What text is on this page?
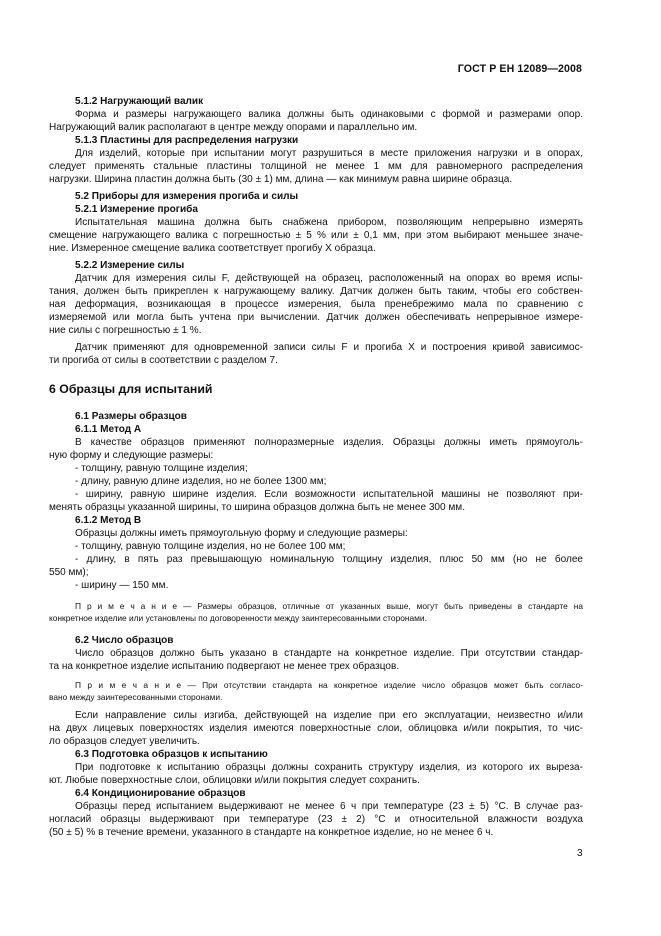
ГОСТ Р ЕН 12089—2008
5.1.2 Нагружающий валик
Форма и размеры нагружающего валика должны быть одинаковыми с формой и размерами опор.
Нагружающий валик располагают в центре между опорами и параллельно им.
5.1.3 Пластины для распределения нагрузки
Для изделий, которые при испытании могут разрушиться в месте приложения нагрузки и в опорах,
следует применять стальные пластины толщиной не менее 1 мм для равномерного распределения
нагрузки. Ширина пластин должна быть (30 ± 1) мм, длина — как минимум равна ширине образца.
5.2 Приборы для измерения прогиба и силы
5.2.1 Измерение прогиба
Испытательная машина должна быть снабжена прибором, позволяющим непрерывно измерять
смещение нагружающего валика с погрешностью ± 5 % или ± 0,1 мм, при этом выбирают меньшее значе-
ние. Измеренное смещение валика соответствует прогибу X образца.
5.2.2 Измерение силы
Датчик для измерения силы F, действующей на образец, расположенный на опорах во время испы-
тания, должен быть прикреплен к нагружающему валику. Датчик должен быть таким, чтобы его собствен-
ная деформация, возникающая в процессе измерения, была пренебрежимо мала по сравнению с
измеряемой или могла быть учтена при вычислении. Датчик должен обеспечивать непрерывное измере-
ние силы с погрешностью ± 1 %.
Датчик применяют для одновременной записи силы F и прогиба X и построения кривой зависимос-
ти прогиба от силы в соответствии с разделом 7.
6 Образцы для испытаний
6.1 Размеры образцов
6.1.1 Метод А
В качестве образцов применяют полноразмерные изделия. Образцы должны иметь прямоуголь-
ную форму и следующие размеры:
- толщину, равную толщине изделия;
- длину, равную длине изделия, но не более 1300 мм;
- ширину, равную ширине изделия. Если возможности испытательной машины не позволяют при-
менять образцы указанной ширины, то ширина образцов должна быть не менее 300 мм.
6.1.2 Метод В
Образцы должны иметь прямоугольную форму и следующие размеры:
- толщину, равную толщине изделия, но не более 100 мм;
- длину, в пять раз превышающую номинальную толщину изделия, плюс 50 мм (но не более
550 мм);
- ширину — 150 мм.
П р и м е ч а н и е — Размеры образцов, отличные от указанных выше, могут быть приведены в стандарте на
конкретное изделие или установлены по договоренности между заинтересованными сторонами.
6.2 Число образцов
Число образцов должно быть указано в стандарте на конкретное изделие. При отсутствии стандар-
та на конкретное изделие испытанию подвергают не менее трех образцов.
П р и м е ч а н и е — При отсутствии стандарта на конкретное изделие число образцов может быть согласо-
вано между заинтересованными сторонами.
Если направление силы изгиба, действующей на изделие при его эксплуатации, неизвестно и/или
на двух лицевых поверхностях изделия имеются поверхностные слои, облицовка и/или покрытия, то чис-
ло образцов следует увеличить.
6.3 Подготовка образцов к испытанию
При подготовке к испытанию образцы должны сохранить структуру изделия, из которого их выреза-
ют. Любые поверхностные слои, облицовки и/или покрытия следует сохранить.
6.4 Кондиционирование образцов
Образцы перед испытанием выдерживают не менее 6 ч при температуре (23 ± 5) °С. В случае раз-
ногласий образцы выдерживают при температуре (23 ± 2) °С и относительной влажности воздуха
(50 ± 5) % в течение времени, указанного в стандарте на конкретное изделие, но не менее 6 ч.
3
